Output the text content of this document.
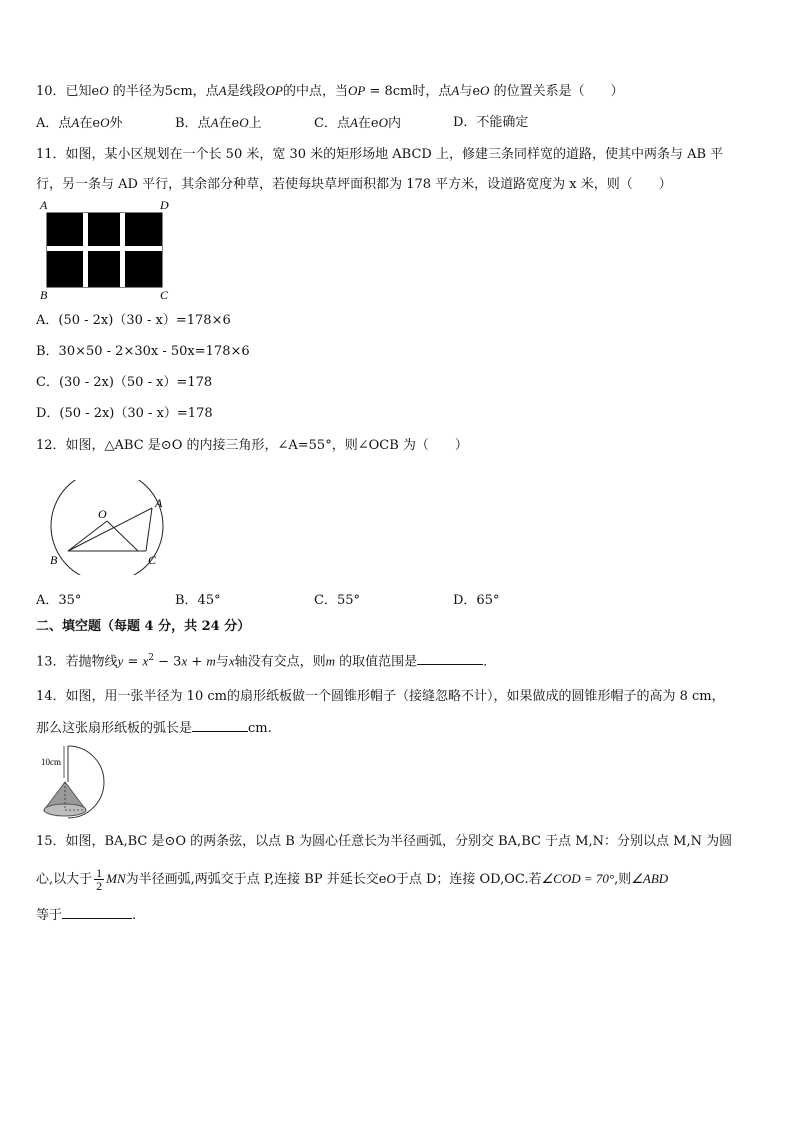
10．已知eO 的半径为5cm，点A是线段OP的中点，当OP = 8cm时，点A与eO 的位置关系是（　　）
A．点A在eO外	B．点A在eO上	C．点A在eO内	D．不能确定
11．如图，某小区规划在一个长 50 米，宽 30 米的矩形场地 ABCD 上，修建三条同样宽的道路，使其中两条与 AB 平
行，另一条与 AD 平行，其余部分种草，若使每块草坪面积都为 178 平方米，设道路宽度为 x 米，则（　　）
A	D
B	C
A．(50 - 2x)（30 - x）=178×6
B．30×50 - 2×30x - 50x=178×6
C．(30 - 2x)（50 - x）=178
D．(50 - 2x)（30 - x）=178
12．如图，△ABC 是⊙O 的内接三角形，∠A=55°，则∠OCB 为（　　）
O
A
B	C
A．35°	B．45°	C．55°	D．65°
二、填空题（每题 4 分，共 24 分）
13．若抛物线$y = x^2 - 3x + m$与x轴没有交点，则m 的取值范围是	．
14．如图，用一张半径为 10 cm的扇形纸板做一个圆锥形帽子（接缝忽略不计），如果做成的圆锥形帽子的高为 8 cm，
那么这张扇形纸板的弧长是	cm.
10cm
15．如图，BA,BC 是⊙O 的两条弦，以点 B 为圆心任意长为半径画弧，分别交 BA,BC 于点 M,N：分别以点 M,N 为圆
心,以大于 $\frac{1}{2}$ MN为半径画弧,两弧交于点 P,连接 BP 并延长交eO于点 D；连接 OD,OC.若∠COD = 70°,则∠ABD
等于	.
